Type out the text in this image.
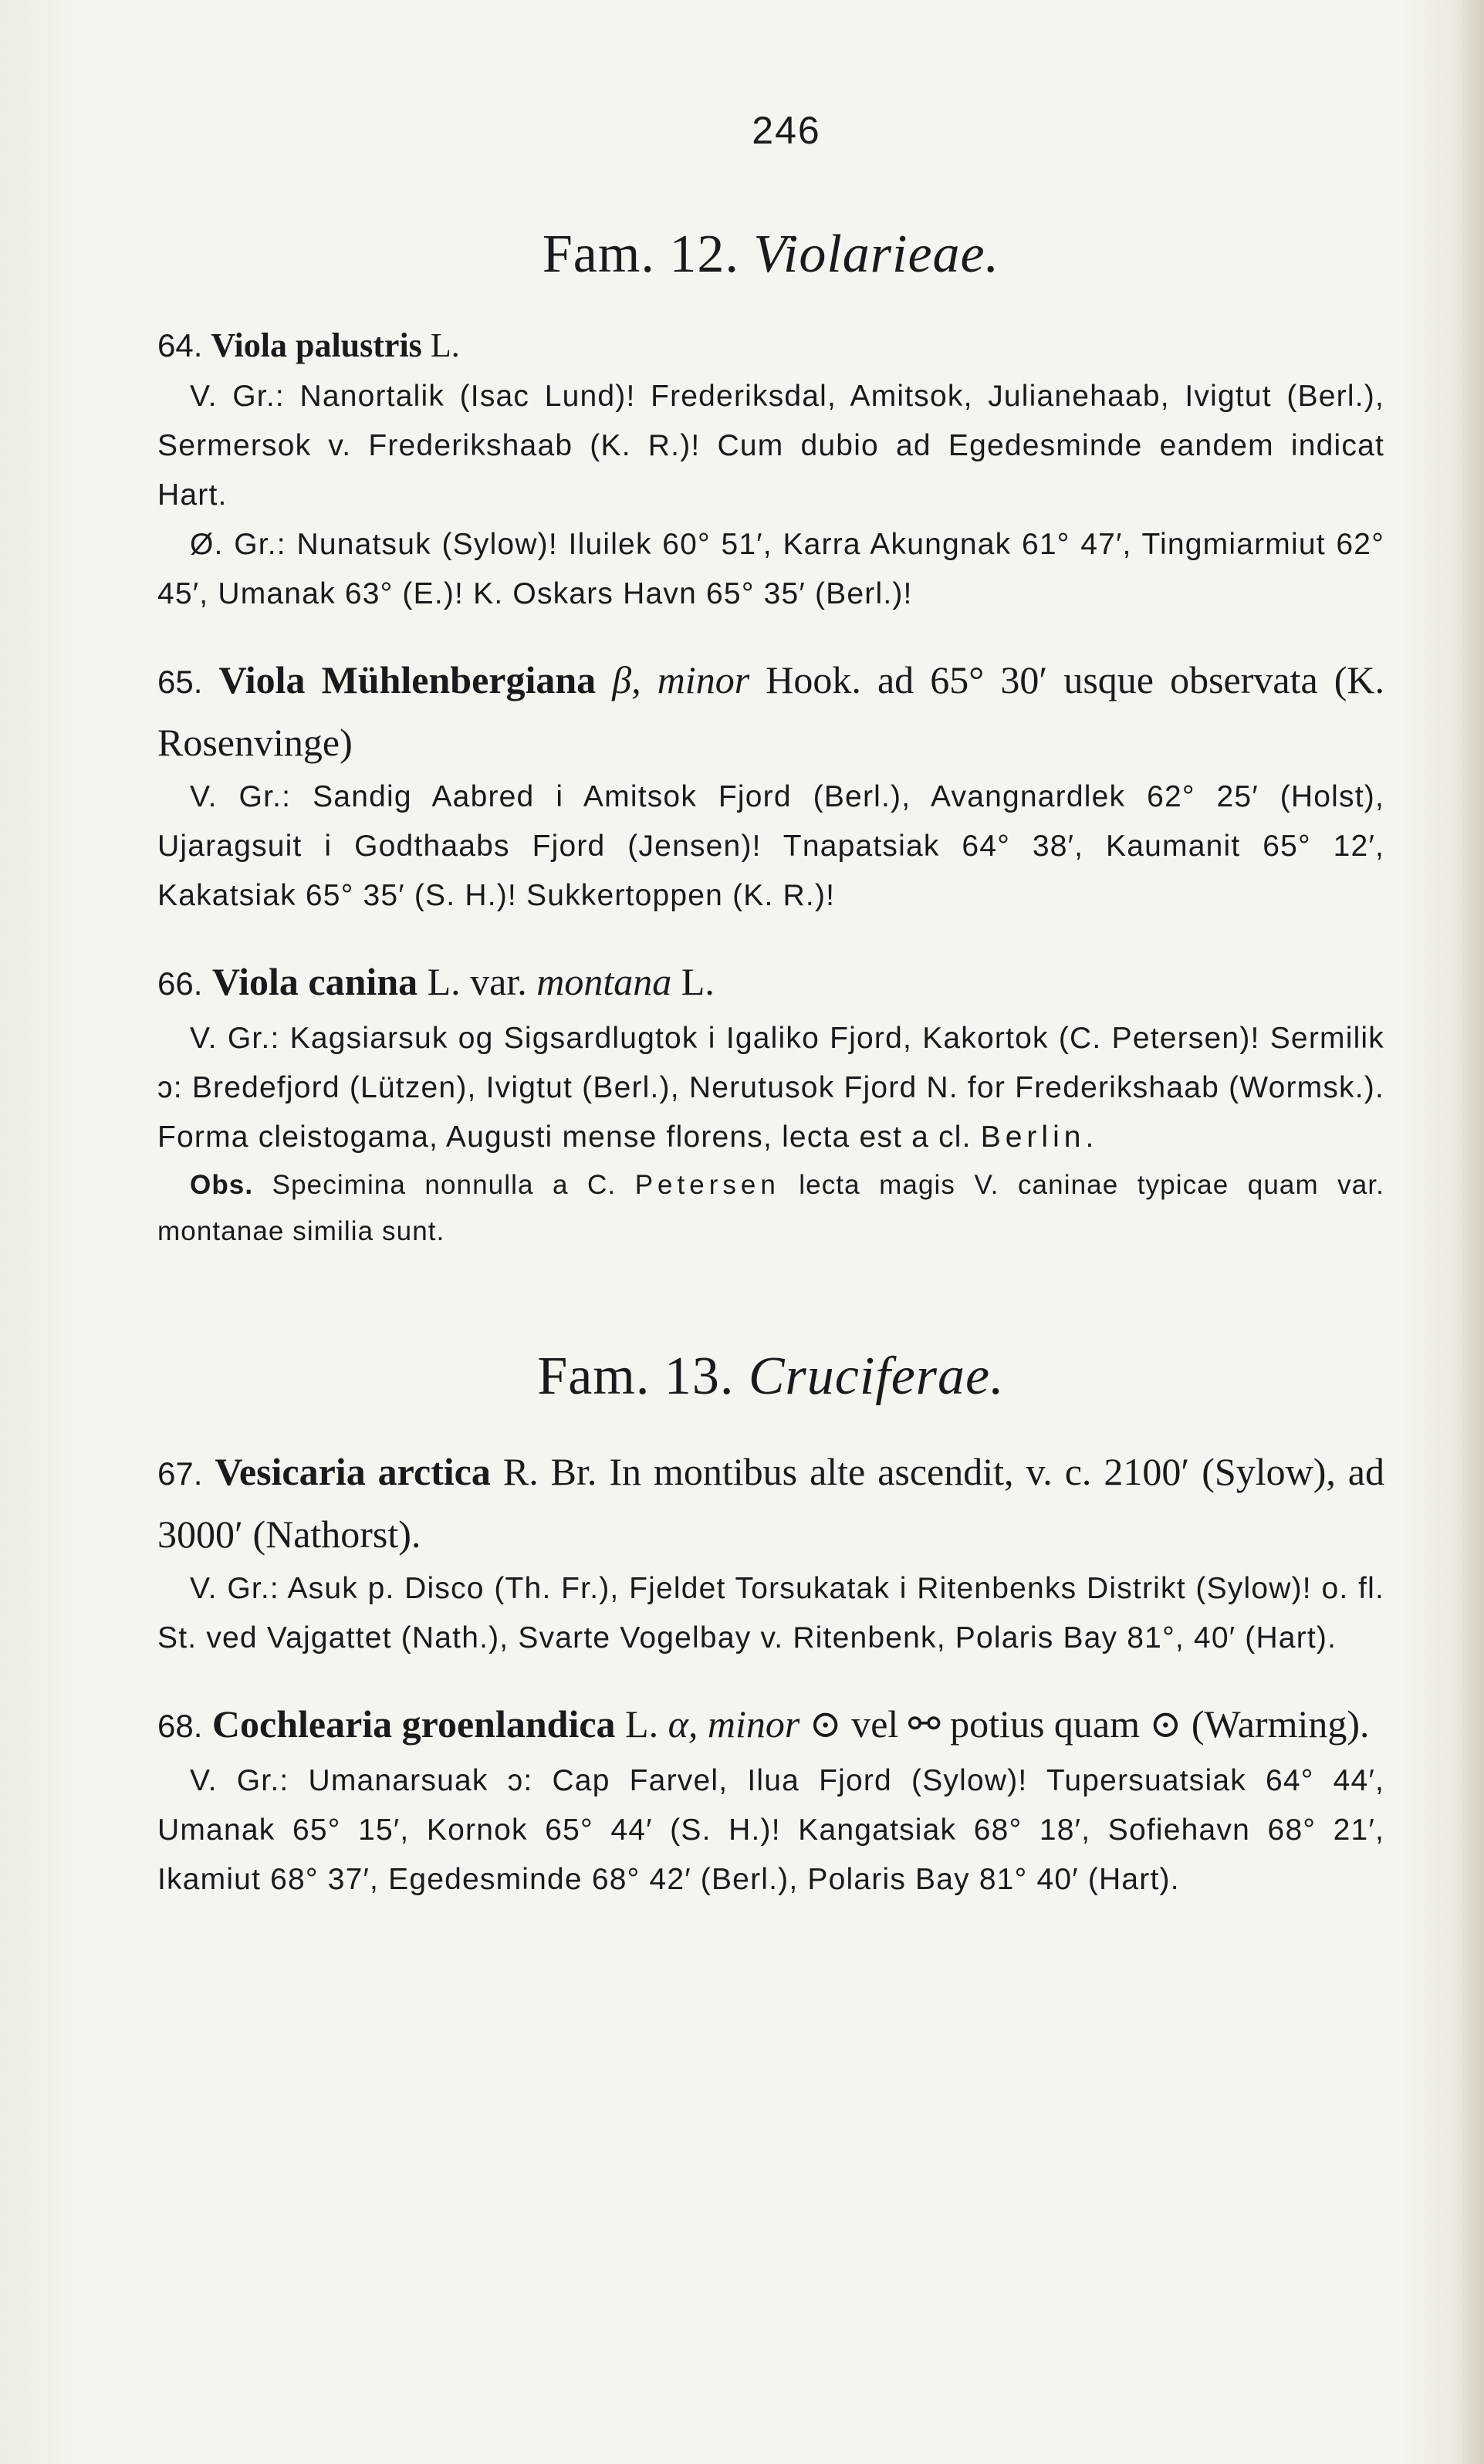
246
Fam. 12. Violarieae.

64. Viola palustris L.

V. Gr.: Nanortalik (Isac Lund)! Frederiksdal, Amitsok, Julianehaab, Ivigtut (Berl.), Sermersok v. Frederikshaab (K. R.)! Cum dubio ad Egedesminde eandem indicat Hart.

Ø. Gr.: Nunatsuk (Sylow)! Iluilek 60° 51′, Karra Akungnak 61° 47′, Tingmiarmiut 62° 45′, Umanak 63° (E.)! K. Oskars Havn 65° 35′ (Berl.)!

65. Viola Mühlenbergiana β, minor Hook. ad 65° 30′ usque observata (K. Rosenvinge)

V. Gr.: Sandig Aabred i Amitsok Fjord (Berl.), Avangnardlek 62° 25′ (Holst), Ujaragsuit i Godthaabs Fjord (Jensen)! Tnapatsiak 64° 38′, Kaumanit 65° 12′, Kakatsiak 65° 35′ (S. H.)! Sukkertoppen (K. R.)!

66. Viola canina L. var. montana L.

V. Gr.: Kagsiarsuk og Sigsardlugtok i Igaliko Fjord, Kakortok (C. Petersen)! Sermilik ɔ: Bredefjord (Lützen), Ivigtut (Berl.), Nerutusok Fjord N. for Frederikshaab (Wormsk.). Forma cleistogama, Augusti mense florens, lecta est a cl. Berlin.

Obs. Specimina nonnulla a C. Petersen lecta magis V. caninae typicae quam var. montanae similia sunt.

Fam. 13. Cruciferae.

67. Vesicaria arctica R. Br. In montibus alte ascendit, v. c. 2100′ (Sylow), ad 3000′ (Nathorst).

V. Gr.: Asuk p. Disco (Th. Fr.), Fjeldet Torsukatak i Ritenbenks Distrikt (Sylow)! o. fl. St. ved Vajgattet (Nath.), Svarte Vogelbay v. Ritenbenk, Polaris Bay 81°, 40′ (Hart).

68. Cochlearia groenlandica L. α, minor ⊙ vel ⚯ potius quam ⊙ (Warming).

V. Gr.: Umanarsuak ɔ: Cap Farvel, Ilua Fjord (Sylow)! Tupersuatsiak 64° 44′, Umanak 65° 15′, Kornok 65° 44′ (S. H.)! Kangatsiak 68° 18′, Sofiehavn 68° 21′, Ikamiut 68° 37′, Egedesminde 68° 42′ (Berl.), Polaris Bay 81° 40′ (Hart).
